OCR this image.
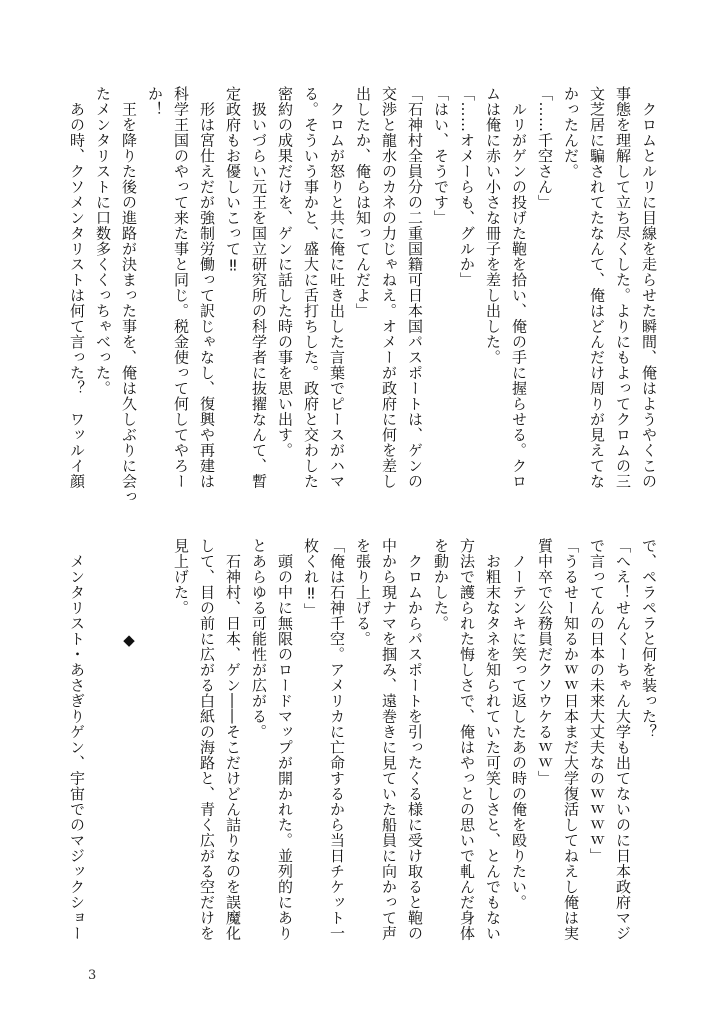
　クロムとルリに目線を走らせた瞬間、俺はようやくこの
事態を理解して立ち尽くした。よりにもよってクロムの三
文芝居に騙されてたなんて、俺はどんだけ周りが見えてな
かったんだ。
「……千空さん」
　ルリがゲンの投げた鞄を拾い、俺の手に握らせる。クロ
ムは俺に赤い小さな冊子を差し出した。
「……オメーらも、グルか」
「はい、そうです」
「石神村全員分の二重国籍可日本国パスポートは、ゲンの
交渉と龍水のカネの力じゃねえ。オメーが政府に何を差し
出したか、俺らは知ってんだよ」
　クロムが怒りと共に俺に吐き出した言葉でピースがハマ
る。そういう事かと、盛大に舌打ちした。政府と交わした
密約の成果だけを、ゲンに話した時の事を思い出す。
　扱いづらい元王を国立研究所の科学者に抜擢なんて、暫
定政府もお優しいこって‼
　形は宮仕えだが強制労働って訳じゃなし、復興や再建は
科学王国のやって来た事と同じ。税金使って何してやろー
か！
　王を降りた後の進路が決まった事を、俺は久しぶりに会っ
たメンタリストに口数多くくっちゃべった。
　あの時、クソメンタリストは何て言った？　ワッルイ顔
で、ペラペラと何を装った？
「へえ！せんくーちゃん大学も出てないのに日本政府マジ
で言ってんの日本の未来大丈夫なのｗｗｗｗ」
「うるせー知るかｗｗ日本まだ大学復活してねえし俺は実
質中卒で公務員だクソウケるｗｗ」
　ノーテンキに笑って返したあの時の俺を殴りたい。
　お粗末なタネを知られていた可笑しさと、とんでもない
方法で護られた悔しさで、俺はやっとの思いで軋んだ身体
を動かした。
　クロムからパスポートを引ったくる様に受け取ると鞄の
中から現ナマを掴み、遠巻きに見ていた船員に向かって声
を張り上げる。
「俺は石神千空。アメリカに亡命するから当日チケット一
枚くれ‼」
　頭の中に無限のロードマップが開かれた。並列的にあり
とあらゆる可能性が広がる。
　石神村、日本、ゲン――そこだけどん詰りなのを誤魔化
して、目の前に広がる白紙の海路と、青く広がる空だけを
見上げた。

　　　　　　◆

　メンタリスト・あさぎりゲン、宇宙でのマジックショー
3
